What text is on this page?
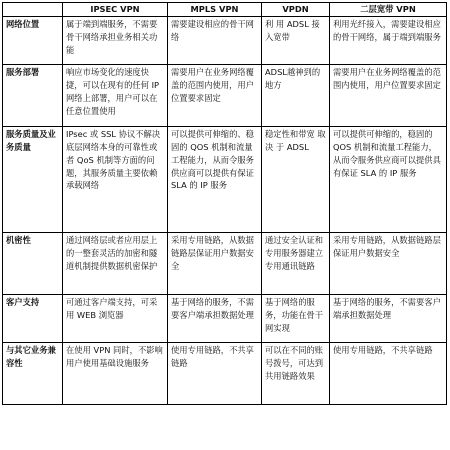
	IPSEC VPN	MPLS VPN	VPDN	二层宽带 VPN
网络位置	属于端到端服务，不需要骨干网络承担业务相关功能	需要建设相应的骨干网络	利 用 ADSL 接入宽带	利用光纤接入，需要建设相应的骨干网络，属于端到端服务
服务部署	响应市场变化的速度快捷，可以在现有的任何 IP 网络上部署，用户可以在任意位置使用	需要用户在业务网络覆盖的范围内使用，用户位置要求固定	ADSL越神到的地方	需要用户在业务网络覆盖的范围内使用，用户位置要求固定
服务质量及业务质量	IPsec 或 SSL 协议不解决底层网络本身的可靠性或者 QoS 机制等方面的问题，其服务质量主要依赖承载网络	可以提供可伸缩的、稳固的 QOS 机制和流量工程能力，从而令服务供应商可以提供有保证 SLA 的 IP 服务	稳定性和带宽 取 决 于 ADSL	可以提供可伸缩的，稳固的 QOS 机制和流量工程能力，从而令服务供应商可以提供具有保证 SLA 的 IP 服务
机密性	通过网络层或者应用层上的一整套灵活的加密和隧道机制提供数据机密保护	采用专用链路，从数据链路层保证用户数据安全	通过安全认证和专用服务器建立专用通讯链路	采用专用链路，从数据链路层保证用户数据安全
客户支持	可通过客户端支持，可采用 WEB 浏览器	基于网络的服务，不需要客户端承担数据处理	基于网络的服务，功能在骨干网实现	基于网络的服务，不需要客户端承担数据处理
与其它业务兼容性	在使用 VPN 同时，不影响用户使用基础设施服务	使用专用链路，不共享链路	可以在不同的账号拨号，可达到共用链路效果	使用专用链路，不共享链路
